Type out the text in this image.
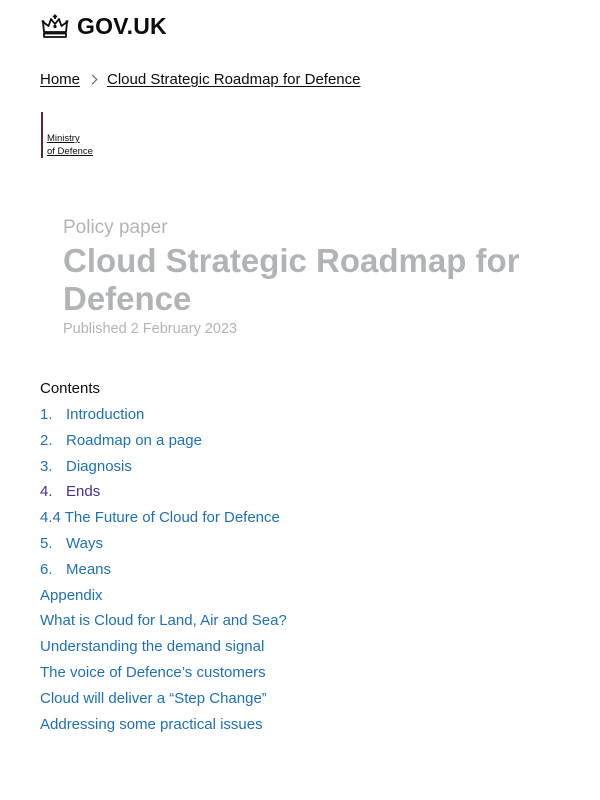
GOV.UK
Home Cloud Strategic Roadmap for Defence
Ministry
of Defence
Policy paper
Cloud Strategic Roadmap for Defence
Published 2 February 2023
Contents
1. Introduction
2. Roadmap on a page
3. Diagnosis
4. Ends
4.4 The Future of Cloud for Defence
5. Ways
6. Means
Appendix
What is Cloud for Land, Air and Sea?
Understanding the demand signal
The voice of Defence’s customers
Cloud will deliver a “Step Change”
Addressing some practical issues
